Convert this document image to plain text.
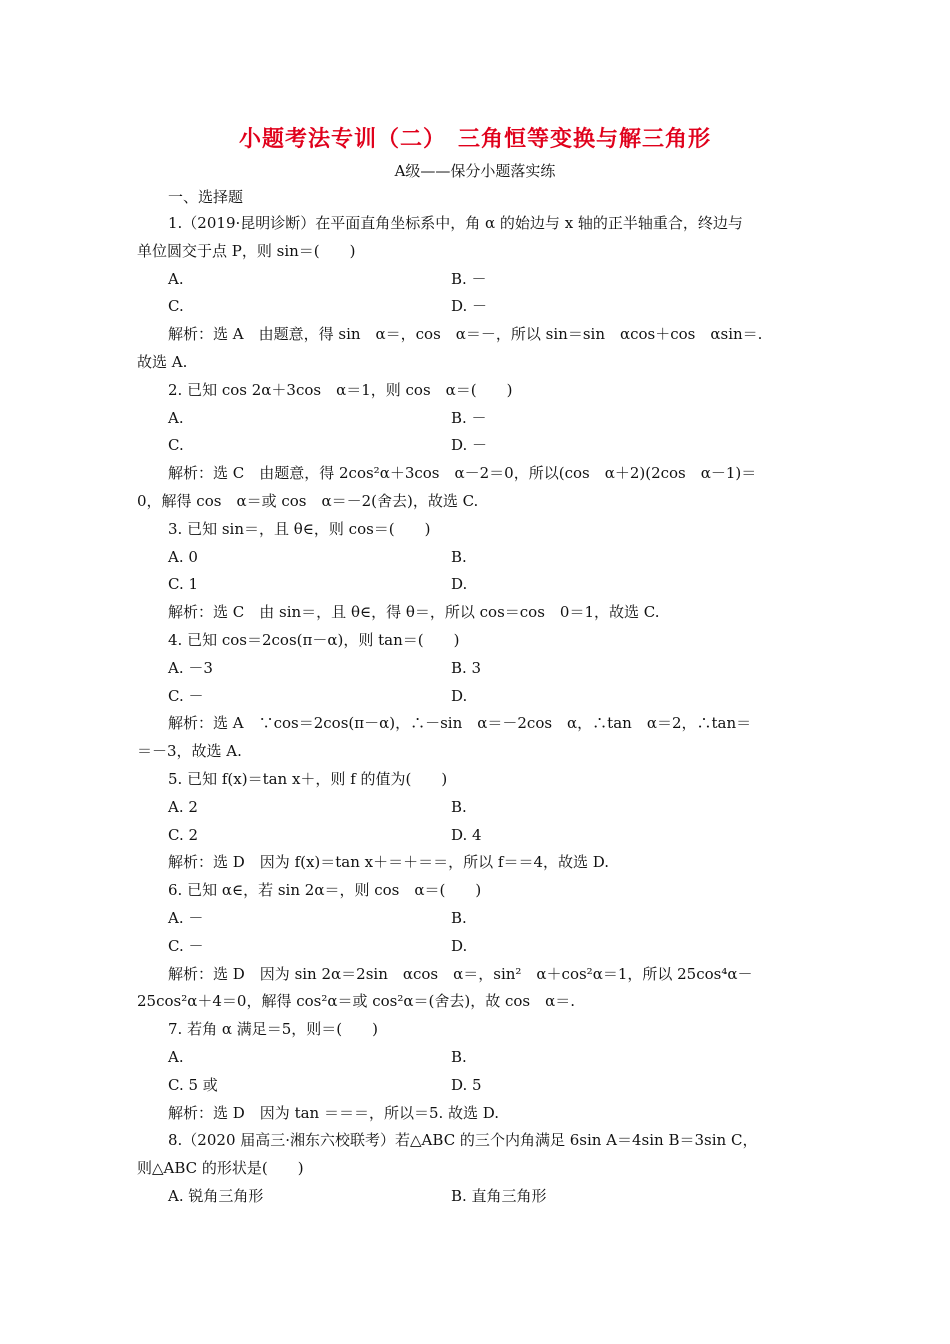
小题考法专训（二）　三角恒等变换与解三角形
A级——保分小题落实练
一、选择题
1.（2019·昆明诊断）在平面直角坐标系中，角 α 的始边与 x 轴的正半轴重合，终边与
单位圆交于点 P，则 sin＝(　　)
A.	B. －
C.	D. －
解析：选 A　由题意，得 sin　α＝，cos　α＝－，所以 sin＝sin　αcos＋cos　αsin＝.
故选 A.
2. 已知 cos 2α＋3cos　α＝1，则 cos　α＝(　　)
A.	B. －
C.	D. －
解析：选 C　由题意，得 2cos²α＋3cos　α－2＝0，所以(cos　α＋2)(2cos　α－1)＝
0，解得 cos　α＝或 cos　α＝－2(舍去)，故选 C.
3. 已知 sin＝，且 θ∈，则 cos＝(　　)
A. 0	B.
C. 1	D.
解析：选 C　由 sin＝，且 θ∈，得 θ＝，所以 cos＝cos　0＝1，故选 C.
4. 已知 cos＝2cos(π－α)，则 tan＝(　　)
A. －3	B. 3
C. －	D.
解析：选 A　∵cos＝2cos(π－α)，∴－sin　α＝－2cos　α，∴tan　α＝2，∴tan＝
＝－3，故选 A.
5. 已知 f(x)＝tan x＋，则 f 的值为(　　)
A. 2	B.
C. 2	D. 4
解析：选 D　因为 f(x)＝tan x＋＝＋＝＝，所以 f＝＝4，故选 D.
6. 已知 α∈，若 sin 2α＝，则 cos　α＝(　　)
A. －	B.
C. －	D.
解析：选 D　因为 sin 2α＝2sin　αcos　α＝，sin²　α＋cos²α＝1，所以 25cos⁴α－
25cos²α＋4＝0，解得 cos²α＝或 cos²α＝(舍去)，故 cos　α＝.
7. 若角 α 满足＝5，则＝(　　)
A.	B.
C. 5 或	D. 5
解析：选 D　因为 tan ＝＝＝，所以＝5. 故选 D.
8.（2020 届高三·湘东六校联考）若△ABC 的三个内角满足 6sin A＝4sin B＝3sin C，
则△ABC 的形状是(　　)
A. 锐角三角形	B. 直角三角形
